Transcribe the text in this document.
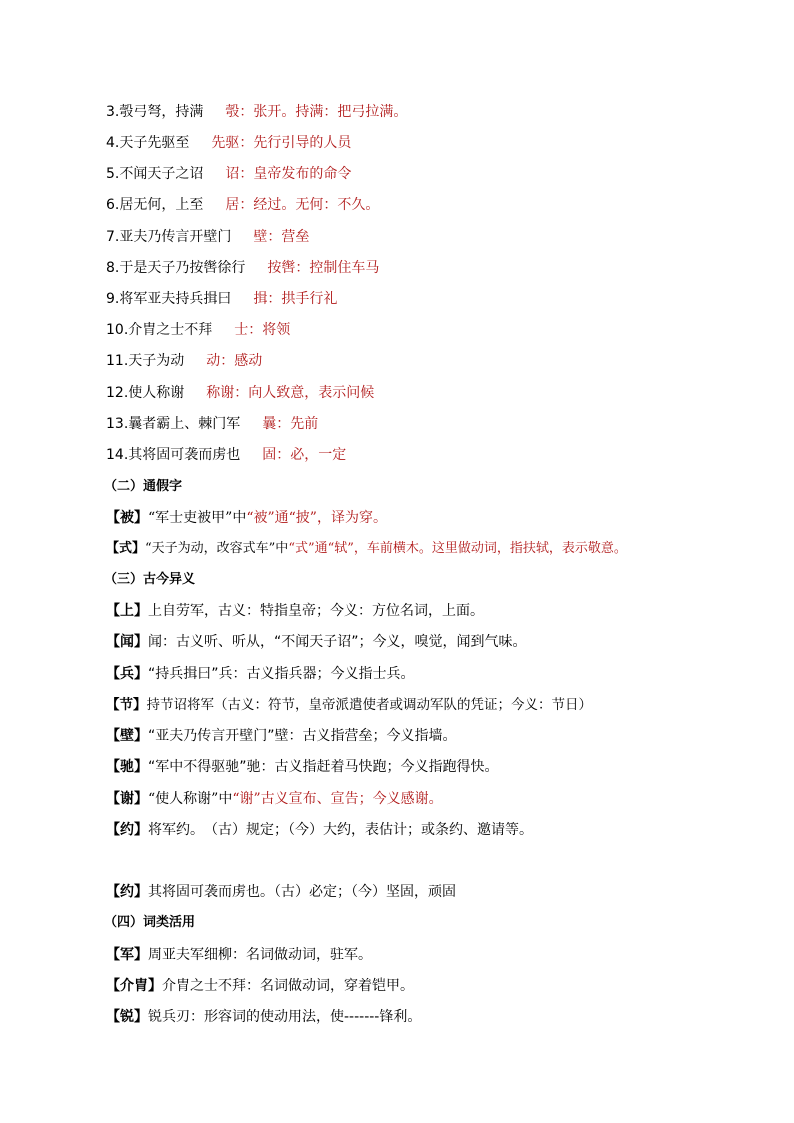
3.彀弓弩，持满 彀：张开。持满：把弓拉满。
4.天子先驱至 先驱：先行引导的人员
5.不闻天子之诏 诏：皇帝发布的命令
6.居无何，上至 居：经过。无何：不久。
7.亚夫乃传言开壁门 壁：营垒
8.于是天子乃按辔徐行 按辔：控制住车马
9.将军亚夫持兵揖曰 揖：拱手行礼
10.介胄之士不拜 士：将领
11.天子为动 动：感动
12.使人称谢 称谢：向人致意，表示问候
13.曩者霸上、棘门军 曩：先前
14.其将固可袭而虏也 固：必，一定
（二）通假字
【被】“军士吏被甲”中“被”通“披”，译为穿。
【式】“天子为动，改容式车”中“式”通“轼”，车前横木。这里做动词，指扶轼，表示敬意。
（三）古今异义
【上】上自劳军，古义：特指皇帝；今义：方位名词，上面。
【闻】闻：古义听、听从，“不闻天子诏”；今义，嗅觉，闻到气味。
【兵】“持兵揖曰”兵：古义指兵器；今义指士兵。
【节】持节诏将军（古义：符节，皇帝派遣使者或调动军队的凭证；今义：节日）
【壁】“亚夫乃传言开壁门”壁：古义指营垒；今义指墙。
【驰】“军中不得驱驰”驰：古义指赶着马快跑；今义指跑得快。
【谢】“使人称谢”中“谢”古义宣布、宣告；今义感谢。
【约】将军约。　（古）规定；（今）大约，表估计；或条约、邀请等。
【约】其将固可袭而虏也。（古）必定；（今）坚固，顽固
（四）词类活用
【军】周亚夫军细柳：名词做动词，驻军。
【介胄】介胄之士不拜：名词做动词，穿着铠甲。
【锐】锐兵刃：形容词的使动用法，使-------锋利。
